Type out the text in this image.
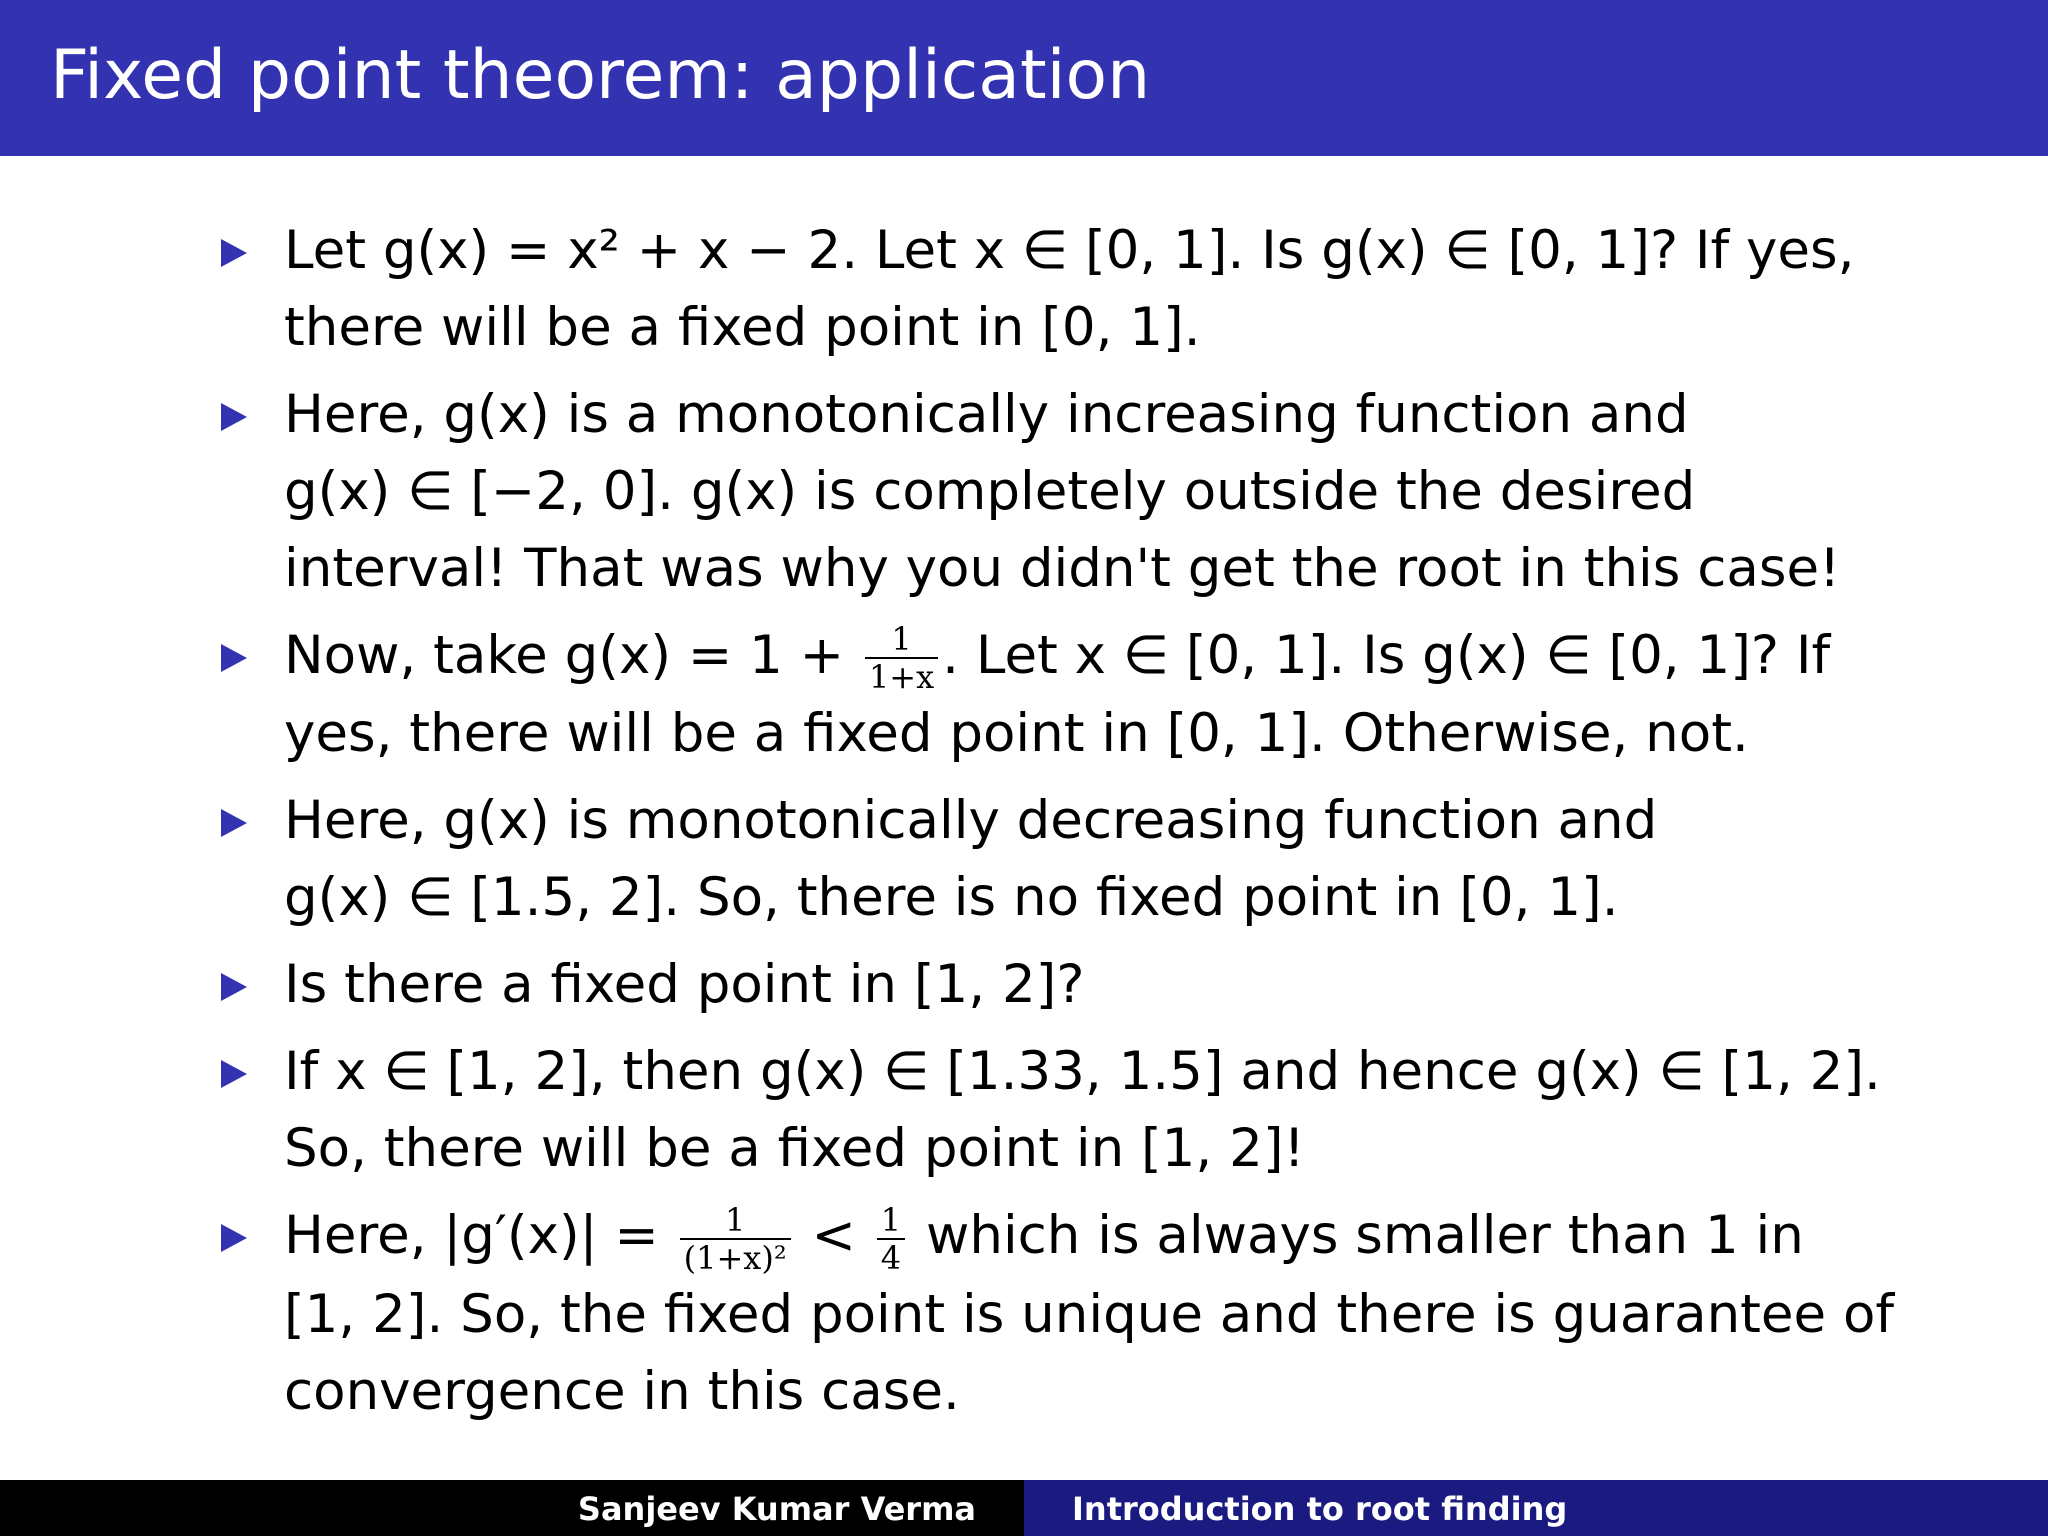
Fixed point theorem: application
Let g(x) = x² + x − 2. Let x ∈ [0, 1]. Is g(x) ∈ [0, 1]? If yes,
there will be a fixed point in [0, 1].
Here, g(x) is a monotonically increasing function and
g(x) ∈ [−2, 0]. g(x) is completely outside the desired
interval! That was why you didn't get the root in this case!
Now, take $g(x) = 1 + \frac{1}{1+x}$ . Let x ∈ [0, 1]. Is g(x) ∈ [0, 1]? If
yes, there will be a fixed point in [0, 1]. Otherwise, not.
Here, g(x) is monotonically decreasing function and
g(x) ∈ [1.5, 2]. So, there is no fixed point in [0, 1].
Is there a fixed point in [1, 2]?
If x ∈ [1, 2], then g(x) ∈ [1.33, 1.5] and hence g(x) ∈ [1, 2].
So, there will be a fixed point in [1, 2]!
Here, $|g'(x)| = \frac{1}{\text{(1+x)²}} < \frac{1}{4}$ which is always smaller than 1 in
[1, 2]. So, the fixed point is unique and there is guarantee of
convergence in this case.
Sanjeev Kumar Verma	Introduction to root finding
